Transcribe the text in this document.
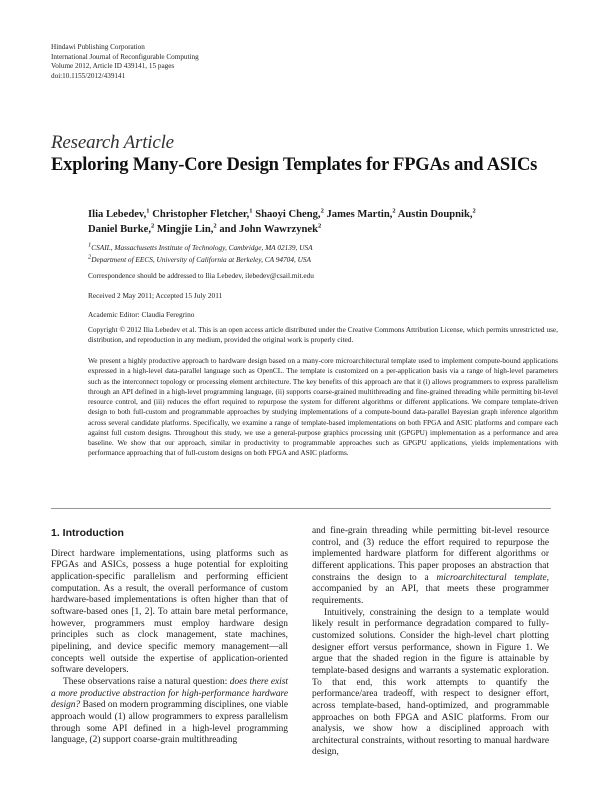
Hindawi Publishing Corporation
International Journal of Reconfigurable Computing
Volume 2012, Article ID 439141, 15 pages
doi:10.1155/2012/439141
Research Article
Exploring Many-Core Design Templates for FPGAs and ASICs
Ilia Lebedev,$^1$ Christopher Fletcher,$^1$ Shaoyi Cheng,$^2$ James Martin,$^2$ Austin Doupnik,$^2$
Daniel Burke,$^2$ Mingjie Lin,$^2$ and John Wawrzynek$^2$
$^1$CSAIL, Massachusetts Institute of Technology, Cambridge, MA 02139, USA
$^2$Department of EECS, University of California at Berkeley, CA 94704, USA
Correspondence should be addressed to Ilia Lebedev, ilebedev@csail.mit.edu
Received 2 May 2011; Accepted 15 July 2011
Academic Editor: Claudia Feregrino
Copyright © 2012 Ilia Lebedev et al. This is an open access article distributed under the Creative Commons Attribution License, which permits unrestricted use, distribution, and reproduction in any medium, provided the original work is properly cited.
We present a highly productive approach to hardware design based on a many-core microarchitectural template used to implement compute-bound applications expressed in a high-level data-parallel language such as OpenCL. The template is customized on a per-application basis via a range of high-level parameters such as the interconnect topology or processing element architecture. The key benefits of this approach are that it (i) allows programmers to express parallelism through an API defined in a high-level programming language, (ii) supports coarse-grained multithreading and fine-grained threading while permitting bit-level resource control, and (iii) reduces the effort required to repurpose the system for different algorithms or different applications. We compare template-driven design to both full-custom and programmable approaches by studying implementations of a compute-bound data-parallel Bayesian graph inference algorithm across several candidate platforms. Specifically, we examine a range of template-based implementations on both FPGA and ASIC platforms and compare each against full custom designs. Throughout this study, we use a general-purpose graphics processing unit (GPGPU) implementation as a performance and area baseline. We show that our approach, similar in productivity to programmable approaches such as GPGPU applications, yields implementations with performance approaching that of full-custom designs on both FPGA and ASIC platforms.
1. Introduction

Direct hardware implementations, using platforms such as FPGAs and ASICs, possess a huge potential for exploiting application-specific parallelism and performing efficient computation. As a result, the overall performance of custom hardware-based implementations is often higher than that of software-based ones [1, 2]. To attain bare metal performance, however, programmers must employ hardware design principles such as clock management, state machines, pipelining, and device specific memory management—all concepts well outside the expertise of application-oriented software developers.

These observations raise a natural question: does there exist a more productive abstraction for high-performance hardware design? Based on modern programming disciplines, one viable approach would (1) allow programmers to express parallelism through some API defined in a high-level programming language, (2) support coarse-grain multithreading

and fine-grain threading while permitting bit-level resource control, and (3) reduce the effort required to repurpose the implemented hardware platform for different algorithms or different applications. This paper proposes an abstraction that constrains the design to a microarchitectural template, accompanied by an API, that meets these programmer requirements.

Intuitively, constraining the design to a template would likely result in performance degradation compared to fully-customized solutions. Consider the high-level chart plotting designer effort versus performance, shown in Figure 1. We argue that the shaded region in the figure is attainable by template-based designs and warrants a systematic exploration. To that end, this work attempts to quantify the performance/area tradeoff, with respect to designer effort, across template-based, hand-optimized, and programmable approaches on both FPGA and ASIC platforms. From our analysis, we show how a disciplined approach with architectural constraints, without resorting to manual hardware design,
